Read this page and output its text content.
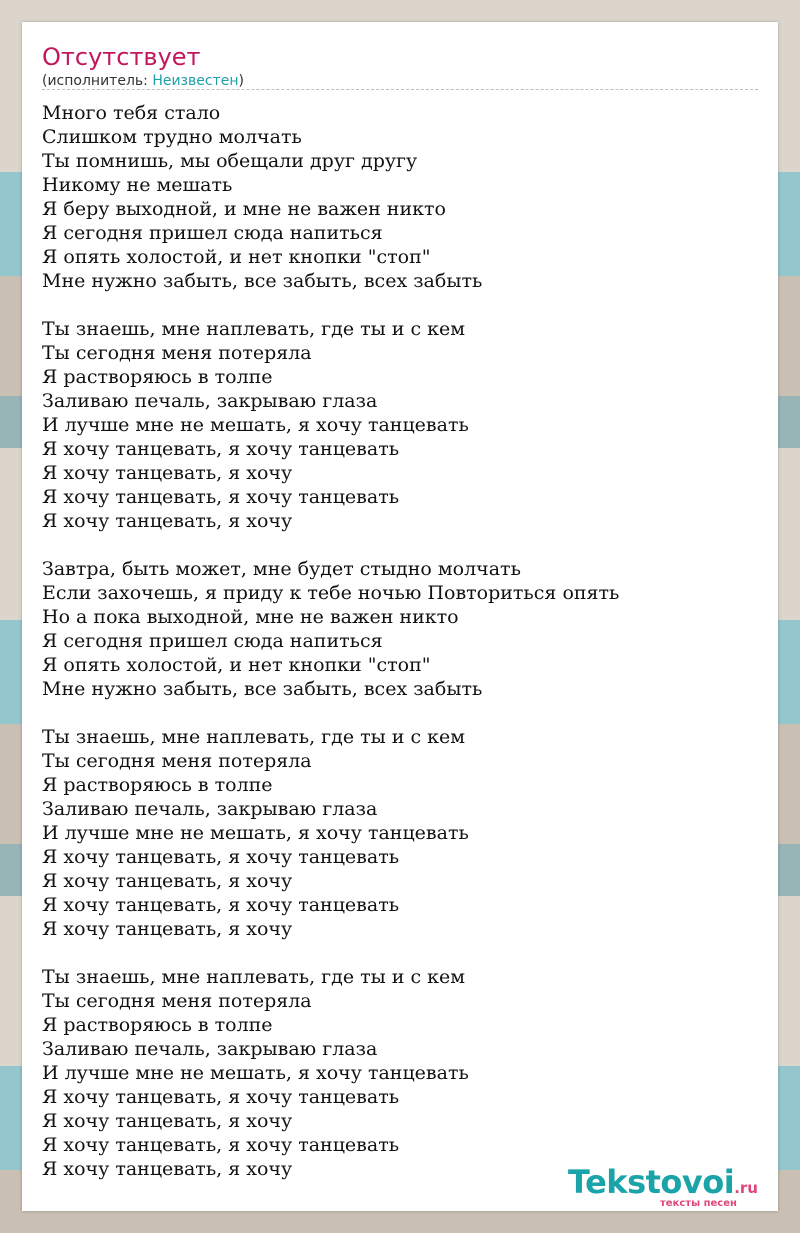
Отсутствует
(исполнитель: Неизвестен)
Много тебя стало
Слишком трудно молчать
Ты помнишь, мы обещали друг другу
Никому не мешать
Я беру выходной, и мне не важен никто
Я сегодня пришел сюда напиться
Я опять холостой, и нет кнопки "стоп"
Мне нужно забыть, все забыть, всех забыть
Ты знаешь, мне наплевать, где ты и с кем
Ты сегодня меня потеряла
Я растворяюсь в толпе
Заливаю печаль, закрываю глаза
И лучше мне не мешать, я хочу танцевать
Я хочу танцевать, я хочу танцевать
Я хочу танцевать, я хочу
Я хочу танцевать, я хочу танцевать
Я хочу танцевать, я хочу
Завтра, быть может, мне будет стыдно молчать
Если захочешь, я приду к тебе ночью Повториться опять
Но а пока выходной, мне не важен никто
Я сегодня пришел сюда напиться
Я опять холостой, и нет кнопки "стоп"
Мне нужно забыть, все забыть, всех забыть
Ты знаешь, мне наплевать, где ты и с кем
Ты сегодня меня потеряла
Я растворяюсь в толпе
Заливаю печаль, закрываю глаза
И лучше мне не мешать, я хочу танцевать
Я хочу танцевать, я хочу танцевать
Я хочу танцевать, я хочу
Я хочу танцевать, я хочу танцевать
Я хочу танцевать, я хочу
Ты знаешь, мне наплевать, где ты и с кем
Ты сегодня меня потеряла
Я растворяюсь в толпе
Заливаю печаль, закрываю глаза
И лучше мне не мешать, я хочу танцевать
Я хочу танцевать, я хочу танцевать
Я хочу танцевать, я хочу
Я хочу танцевать, я хочу танцевать
Я хочу танцевать, я хочу	Tekstovoi.ru
тексты песен
